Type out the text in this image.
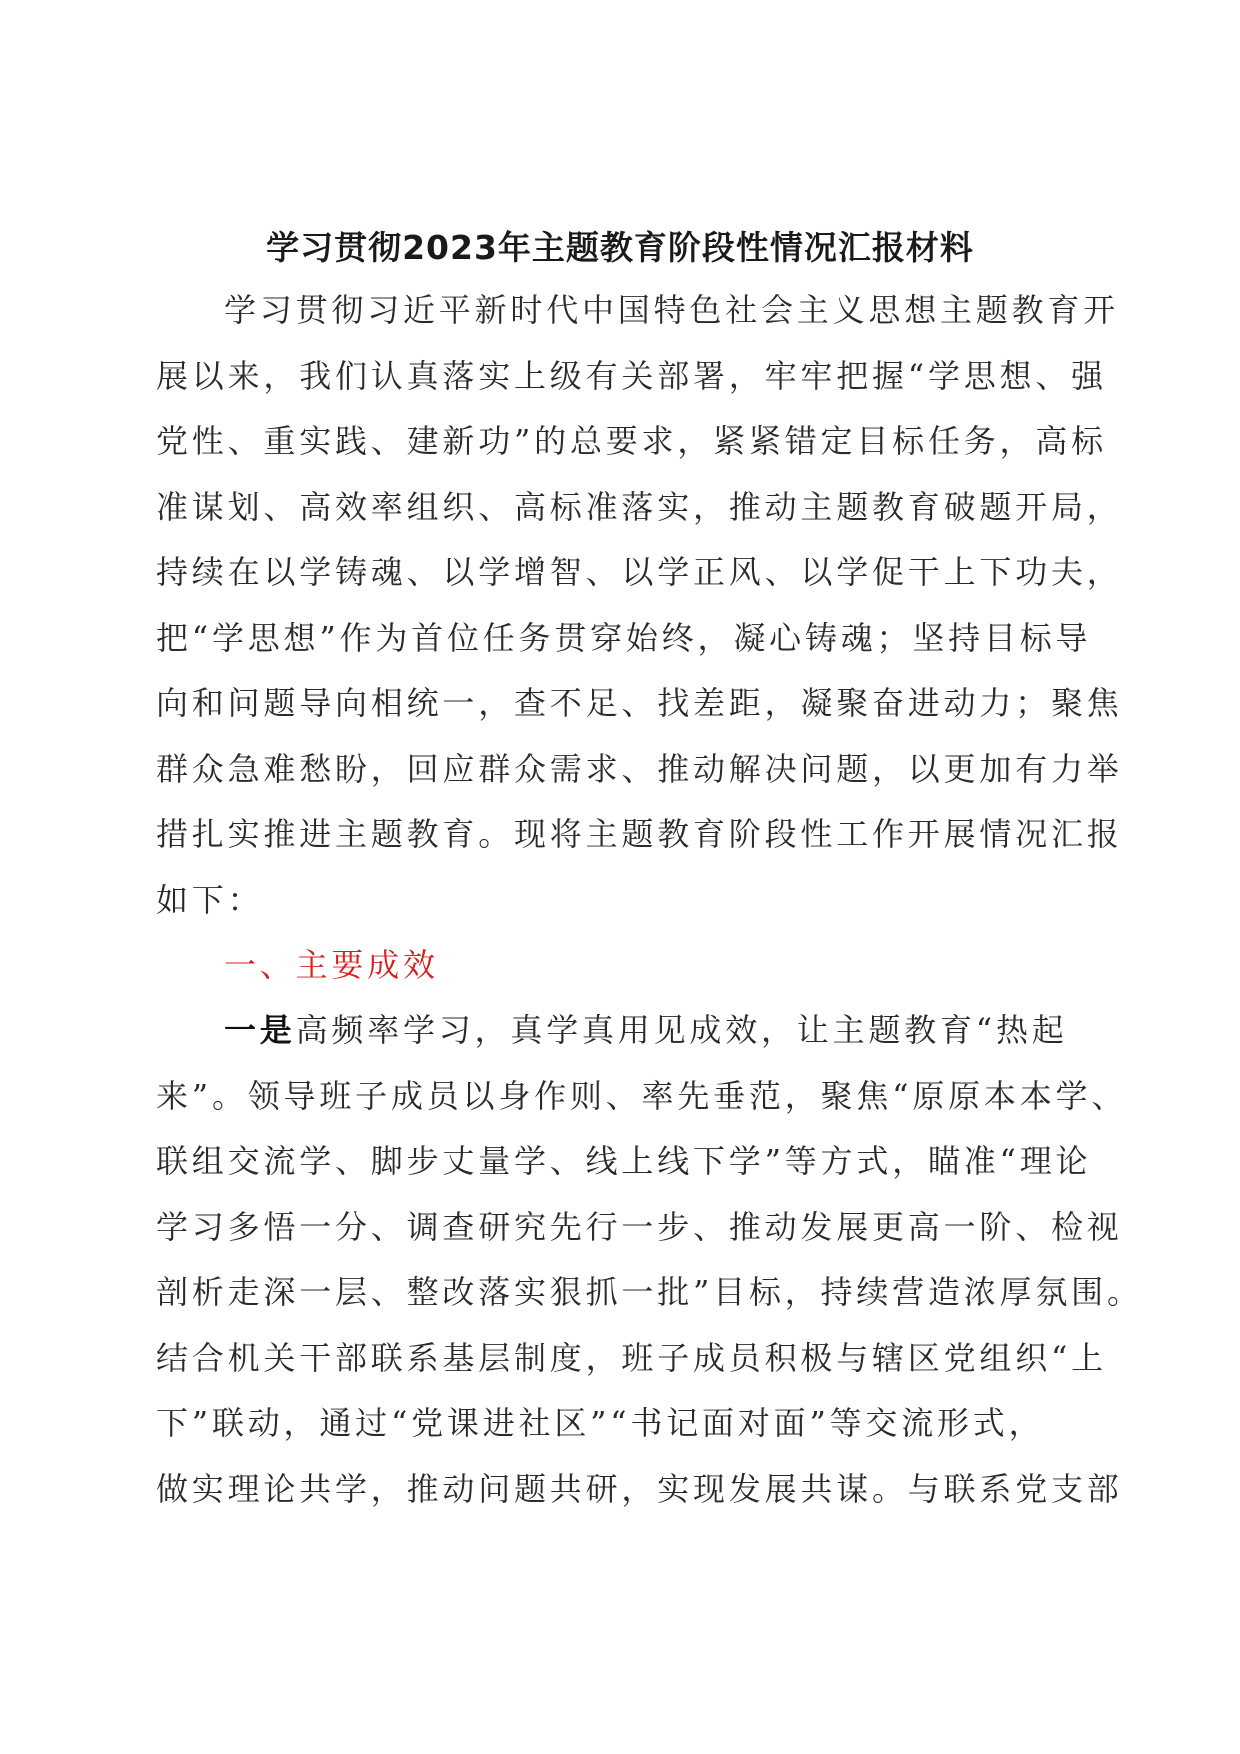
学习贯彻2023年主题教育阶段性情况汇报材料
学习贯彻习近平新时代中国特色社会主义思想主题教育开
展以来，我们认真落实上级有关部署，牢牢把握“学思想、强
党性、重实践、建新功”的总要求，紧紧错定目标任务，高标
准谋划、高效率组织、高标准落实，推动主题教育破题开局，
持续在以学铸魂、以学增智、以学正风、以学促干上下功夫，
把“学思想”作为首位任务贯穿始终，凝心铸魂；坚持目标导
向和问题导向相统一，查不足、找差距，凝聚奋进动力；聚焦
群众急难愁盼，回应群众需求、推动解决问题，以更加有力举
措扎实推进主题教育。现将主题教育阶段性工作开展情况汇报
如下：
一、主要成效
一是高频率学习，真学真用见成效，让主题教育“热起
来”。领导班子成员以身作则、率先垂范，聚焦“原原本本学、
联组交流学、脚步丈量学、线上线下学”等方式，瞄准“理论
学习多悟一分、调查研究先行一步、推动发展更高一阶、检视
剖析走深一层、整改落实狠抓一批”目标，持续营造浓厚氛围。
结合机关干部联系基层制度，班子成员积极与辖区党组织“上
下”联动，通过“党课进社区”“书记面对面”等交流形式，
做实理论共学，推动问题共研，实现发展共谋。与联系党支部
